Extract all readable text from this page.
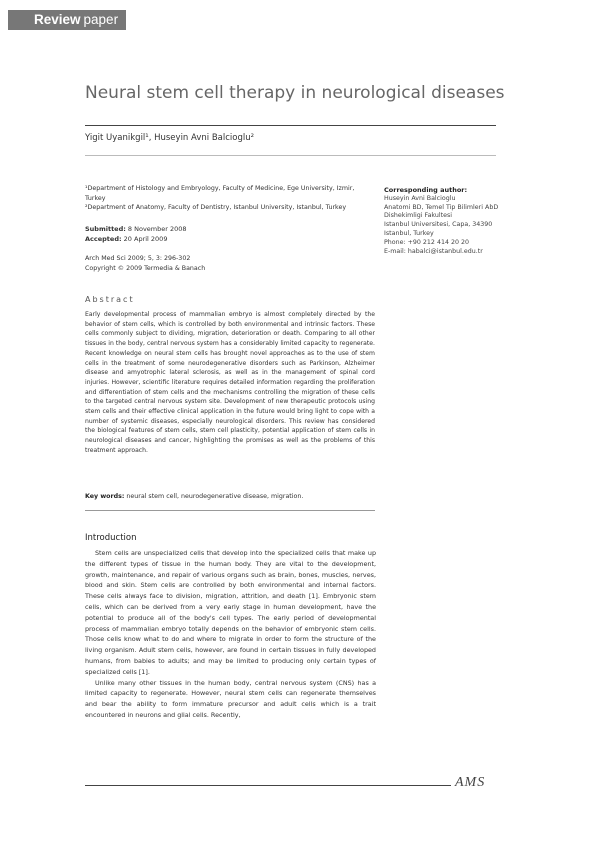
Review paper
Neural stem cell therapy in neurological diseases
Yigit Uyanikgil¹, Huseyin Avni Balcioglu²

¹Department of Histology and Embryology, Faculty of Medicine, Ege University, Izmir, Turkey

²Department of Anatomy, Faculty of Dentistry, Istanbul University, Istanbul, Turkey

Submitted: 8 November 2008

Accepted: 20 April 2009

Arch Med Sci 2009; 5, 3: 296-302

Copyright © 2009 Termedia & Banach

Corresponding author:

Huseyin Avni Balcioglu

Anatomi BD, Temel Tip Bilimleri AbD

Dishekimligi Fakultesi

Istanbul Universitesi, Capa, 34390

Istanbul, Turkey

Phone: +90 212 414 20 20

E-mail: habalci@istanbul.edu.tr

Abstract

Early developmental process of mammalian embryo is almost completely directed by the behavior of stem cells, which is controlled by both environmental and intrinsic factors. These cells commonly subject to dividing, migration, deterioration or death. Comparing to all other tissues in the body, central nervous system has a considerably limited capacity to regenerate. Recent knowledge on neural stem cells has brought novel approaches as to the use of stem cells in the treatment of some neurodegenerative disorders such as Parkinson, Alzheimer disease and amyotrophic lateral sclerosis, as well as in the management of spinal cord injuries. However, scientific literature requires detailed information regarding the proliferation and differentiation of stem cells and the mechanisms controlling the migration of these cells to the targeted central nervous system site. Development of new therapeutic protocols using stem cells and their effective clinical application in the future would bring light to cope with a number of systemic diseases, especially neurological disorders. This review has considered the biological features of stem cells, stem cell plasticity, potential application of stem cells in neurological diseases and cancer, highlighting the promises as well as the problems of this treatment approach.

Key words: neural stem cell, neurodegenerative disease, migration.
Introduction

Stem cells are unspecialized cells that develop into the specialized cells that make up the different types of tissue in the human body. They are vital to the development, growth, maintenance, and repair of various organs such as brain, bones, muscles, nerves, blood and skin. Stem cells are controlled by both environmental and internal factors. These cells always face to division, migration, attrition, and death [1]. Embryonic stem cells, which can be derived from a very early stage in human development, have the potential to produce all of the body's cell types. The early period of developmental process of mammalian embryo totally depends on the behavior of embryonic stem cells. Those cells know what to do and where to migrate in order to form the structure of the living organism. Adult stem cells, however, are found in certain tissues in fully developed humans, from babies to adults; and may be limited to producing only certain types of specialized cells [1].

Unlike many other tissues in the human body, central nervous system (CNS) has a limited capacity to regenerate. However, neural stem cells can regenerate themselves and bear the ability to form immature precursor and adult cells which is a trait encountered in neurons and glial cells. Recently,

AMS
